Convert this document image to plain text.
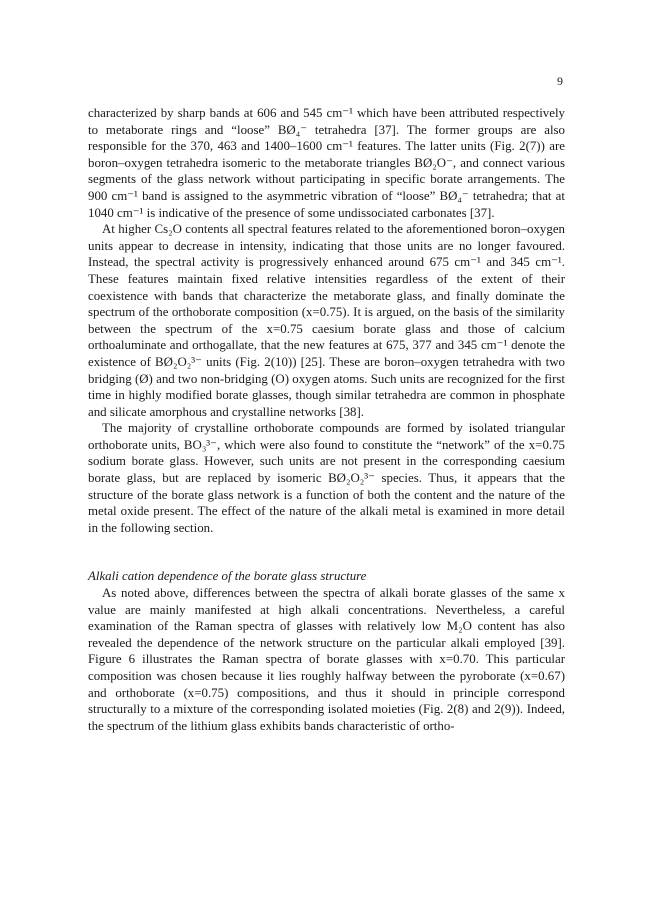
9

characterized by sharp bands at 606 and 545 cm⁻¹ which have been attributed respectively to metaborate rings and “loose” BØ₄⁻ tetrahedra [37]. The former groups are also responsible for the 370, 463 and 1400–1600 cm⁻¹ features. The latter units (Fig. 2(7)) are boron–oxygen tetrahedra isomeric to the metaborate triangles BØ₂O⁻, and connect various segments of the glass network without participating in specific borate arrangements. The 900 cm⁻¹ band is assigned to the asymmetric vibration of “loose” BØ₄⁻ tetrahedra; that at 1040 cm⁻¹ is indicative of the presence of some undissociated carbonates [37].

At higher Cs₂O contents all spectral features related to the aforementioned boron–oxygen units appear to decrease in intensity, indicating that those units are no longer favoured. Instead, the spectral activity is progressively enhanced around 675 cm⁻¹ and 345 cm⁻¹. These features maintain fixed relative intensities regardless of the extent of their coexistence with bands that characterize the metaborate glass, and finally dominate the spectrum of the orthoborate composition (x=0.75). It is argued, on the basis of the similarity between the spectrum of the x=0.75 caesium borate glass and those of calcium orthoaluminate and orthogallate, that the new features at 675, 377 and 345 cm⁻¹ denote the existence of BØ₂O₂³⁻ units (Fig. 2(10)) [25]. These are boron–oxygen tetrahedra with two bridging (Ø) and two non-bridging (O) oxygen atoms. Such units are recognized for the first time in highly modified borate glasses, though similar tetrahedra are common in phosphate and silicate amorphous and crystalline networks [38].

The majority of crystalline orthoborate compounds are formed by isolated triangular orthoborate units, BO₃³⁻, which were also found to constitute the “network” of the x=0.75 sodium borate glass. However, such units are not present in the corresponding caesium borate glass, but are replaced by isomeric BØ₂O₂³⁻ species. Thus, it appears that the structure of the borate glass network is a function of both the content and the nature of the metal oxide present. The effect of the nature of the alkali metal is examined in more detail in the following section.

Alkali cation dependence of the borate glass structure

As noted above, differences between the spectra of alkali borate glasses of the same x value are mainly manifested at high alkali concentrations. Nevertheless, a careful examination of the Raman spectra of glasses with relatively low M₂O content has also revealed the dependence of the network structure on the particular alkali employed [39]. Figure 6 illustrates the Raman spectra of borate glasses with x=0.70. This particular composition was chosen because it lies roughly halfway between the pyroborate (x=0.67) and orthoborate (x=0.75) compositions, and thus it should in principle correspond structurally to a mixture of the corresponding isolated moieties (Fig. 2(8) and 2(9)). Indeed, the spectrum of the lithium glass exhibits bands characteristic of ortho-
